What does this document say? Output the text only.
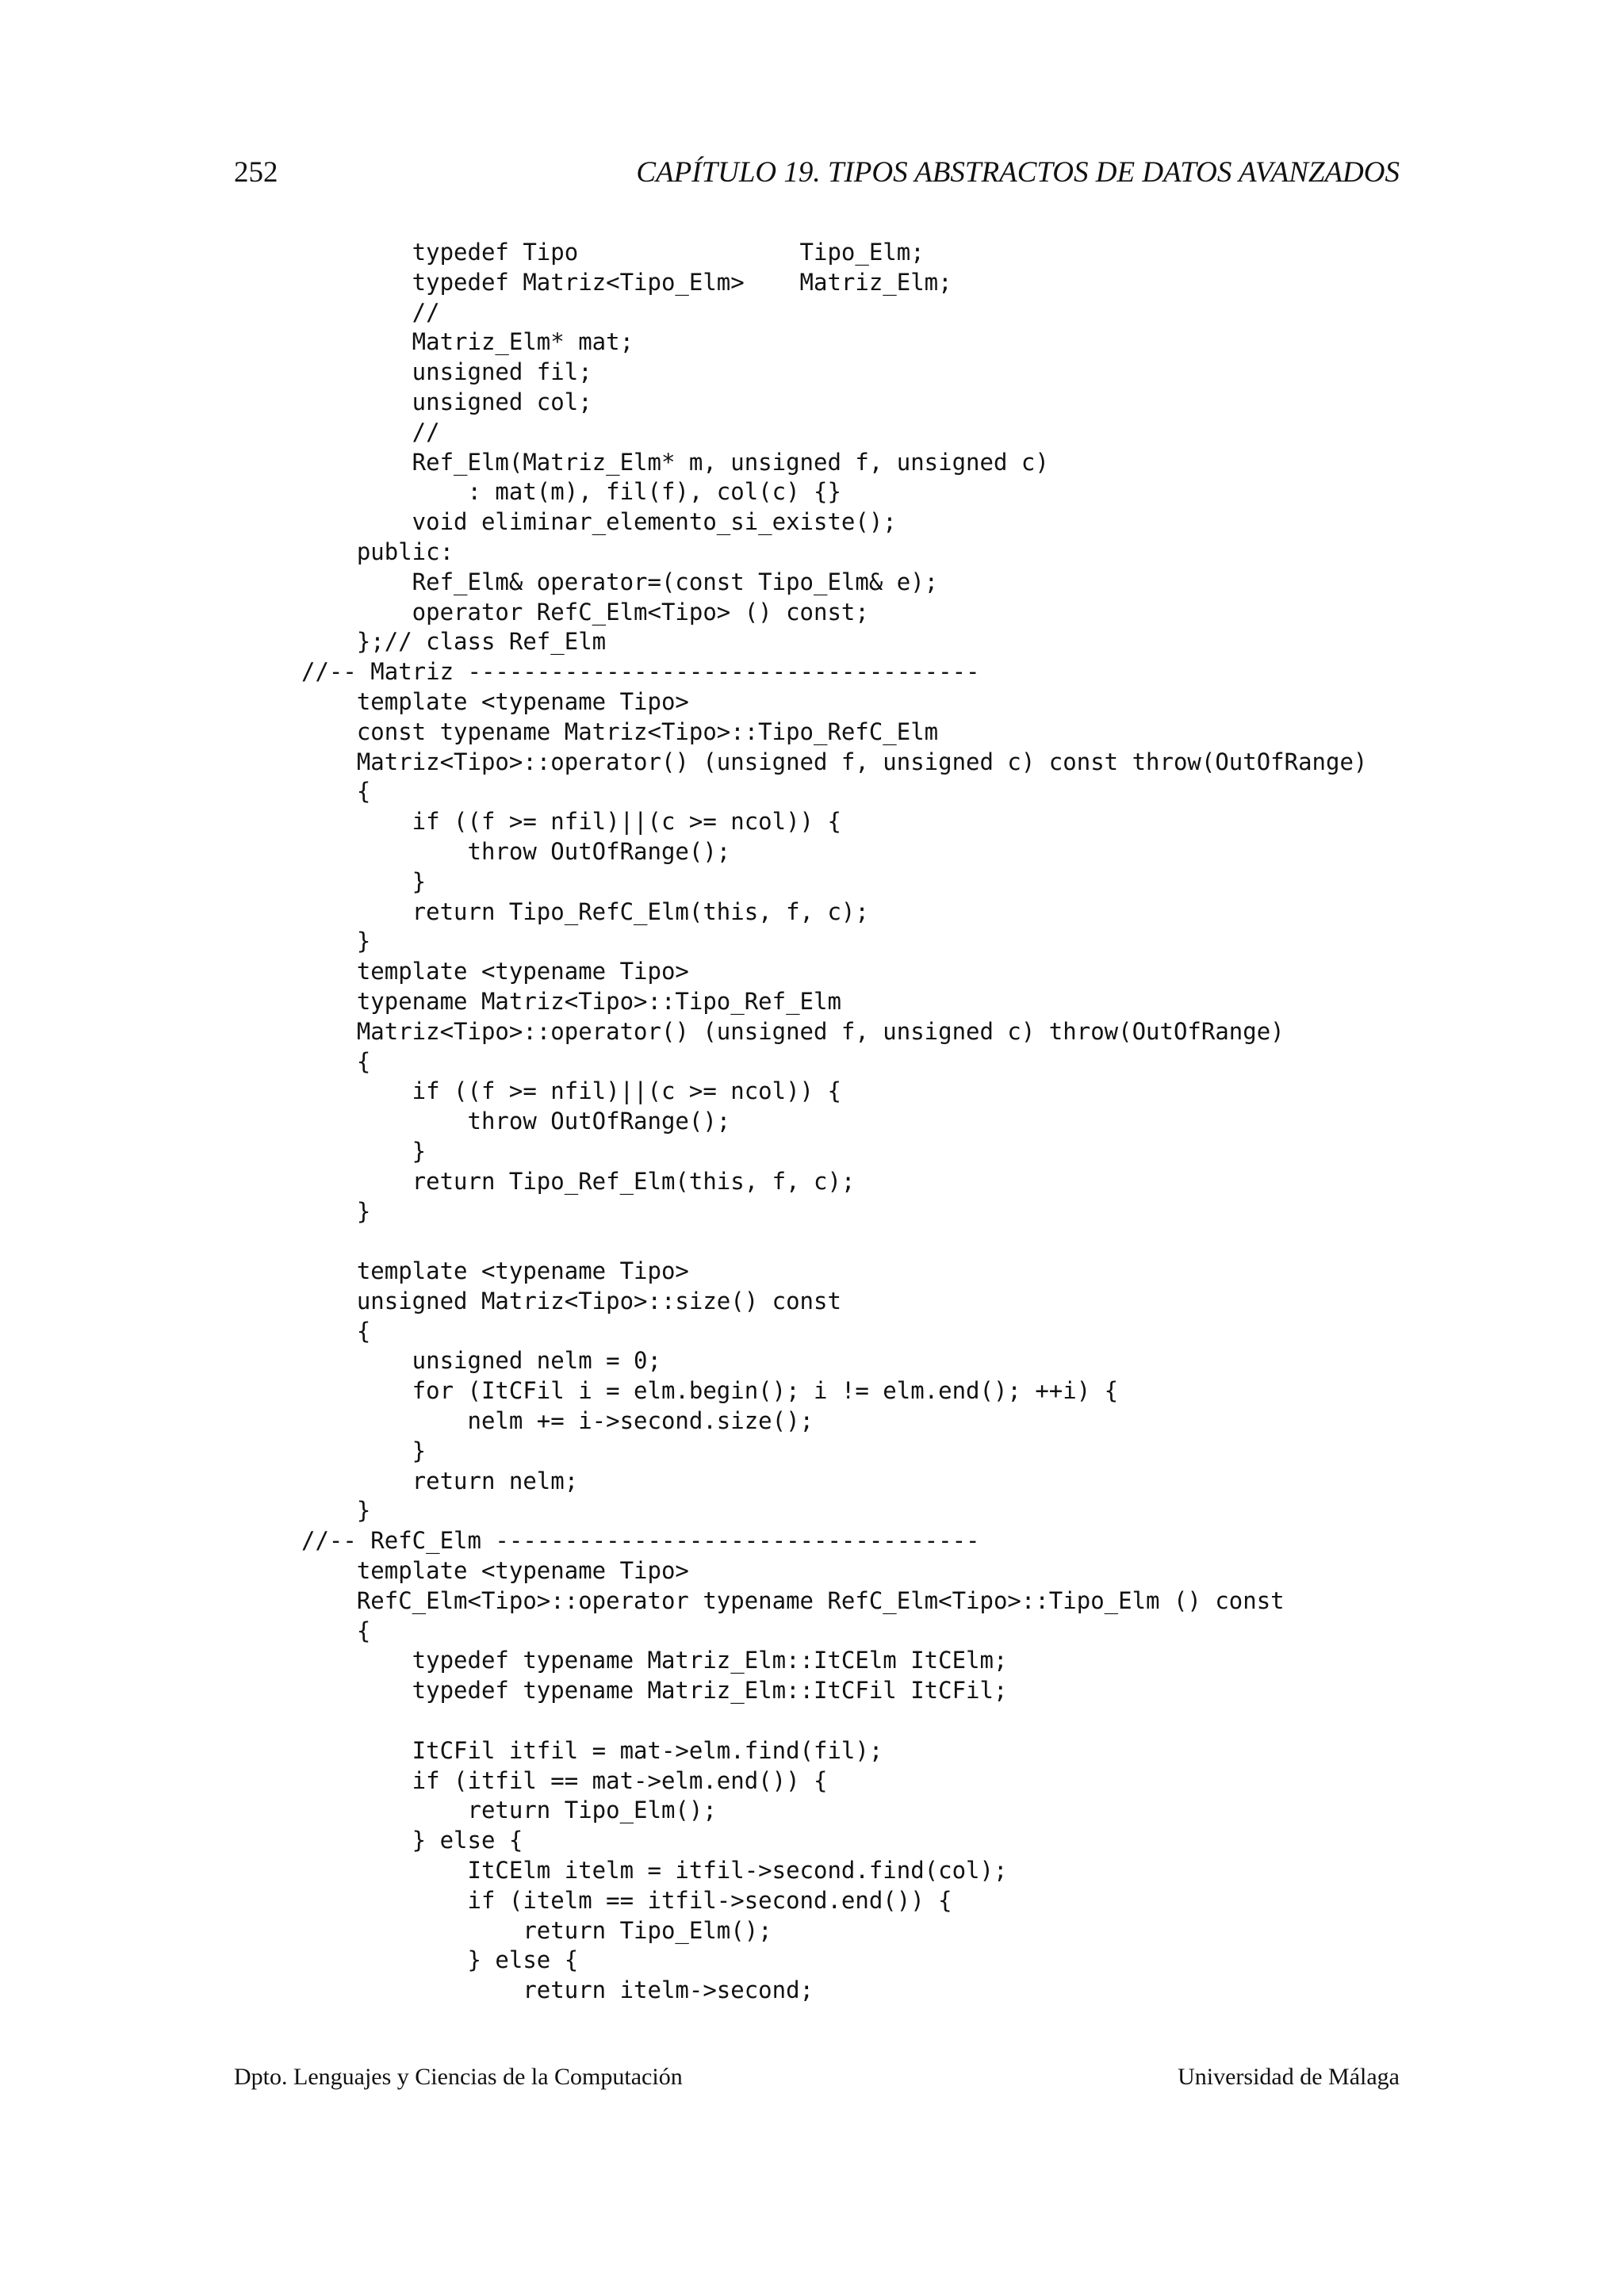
252	CAPÍTULO 19. TIPOS ABSTRACTOS DE DATOS AVANZADOS
typedef Tipo                Tipo_Elm;
typedef Matriz<Tipo_Elm>    Matriz_Elm;
//
Matriz_Elm* mat;
unsigned fil;
unsigned col;
//
Ref_Elm(Matriz_Elm* m, unsigned f, unsigned c)
: mat(m), fil(f), col(c) {}
void eliminar_elemento_si_existe();
public:
Ref_Elm& operator=(const Tipo_Elm& e);
operator RefC_Elm<Tipo> () const;
};// class Ref_Elm
//-- Matriz -------------------------------------
template <typename Tipo>
const typename Matriz<Tipo>::Tipo_RefC_Elm
Matriz<Tipo>::operator() (unsigned f, unsigned c) const throw(OutOfRange)
{
if ((f >= nfil)||(c >= ncol)) {
throw OutOfRange();
}
return Tipo_RefC_Elm(this, f, c);
}
template <typename Tipo>
typename Matriz<Tipo>::Tipo_Ref_Elm
Matriz<Tipo>::operator() (unsigned f, unsigned c) throw(OutOfRange)
{
if ((f >= nfil)||(c >= ncol)) {
throw OutOfRange();
}
return Tipo_Ref_Elm(this, f, c);
}
template <typename Tipo>
unsigned Matriz<Tipo>::size() const
{
unsigned nelm = 0;
for (ItCFil i = elm.begin(); i != elm.end(); ++i) {
nelm += i->second.size();
}
return nelm;
}
//-- RefC_Elm -----------------------------------
template <typename Tipo>
RefC_Elm<Tipo>::operator typename RefC_Elm<Tipo>::Tipo_Elm () const
{
typedef typename Matriz_Elm::ItCElm ItCElm;
typedef typename Matriz_Elm::ItCFil ItCFil;
ItCFil itfil = mat->elm.find(fil);
if (itfil == mat->elm.end()) {
return Tipo_Elm();
} else {
ItCElm itelm = itfil->second.find(col);
if (itelm == itfil->second.end()) {
return Tipo_Elm();
} else {
return itelm->second;
Dpto. Lenguajes y Ciencias de la Computación	Universidad de Málaga
